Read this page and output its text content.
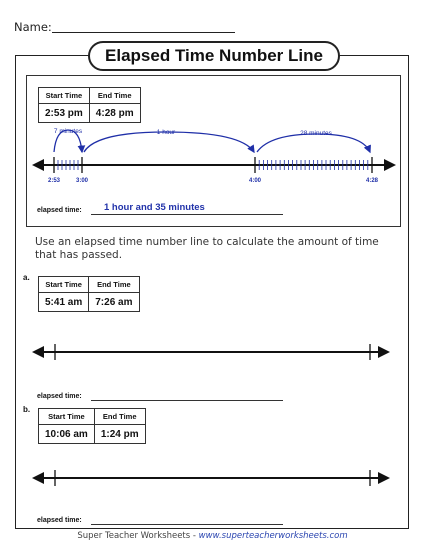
Name:
Elapsed Time Number Line
Start Time	End Time
2:53 pm	4:28 pm
7 minutes	1 hour	28 minutes
2:53	3:00	4:00	4:28
elapsed time: 1 hour and 35 minutes
Use an elapsed time number line to calculate the amount of time that has passed.
a.
Start Time	End Time
5:41 am	7:26 am
elapsed time:
b.
Start Time	End Time
10:06 am	1:24 pm
elapsed time:
Super Teacher Worksheets - www.superteacherworksheets.com
